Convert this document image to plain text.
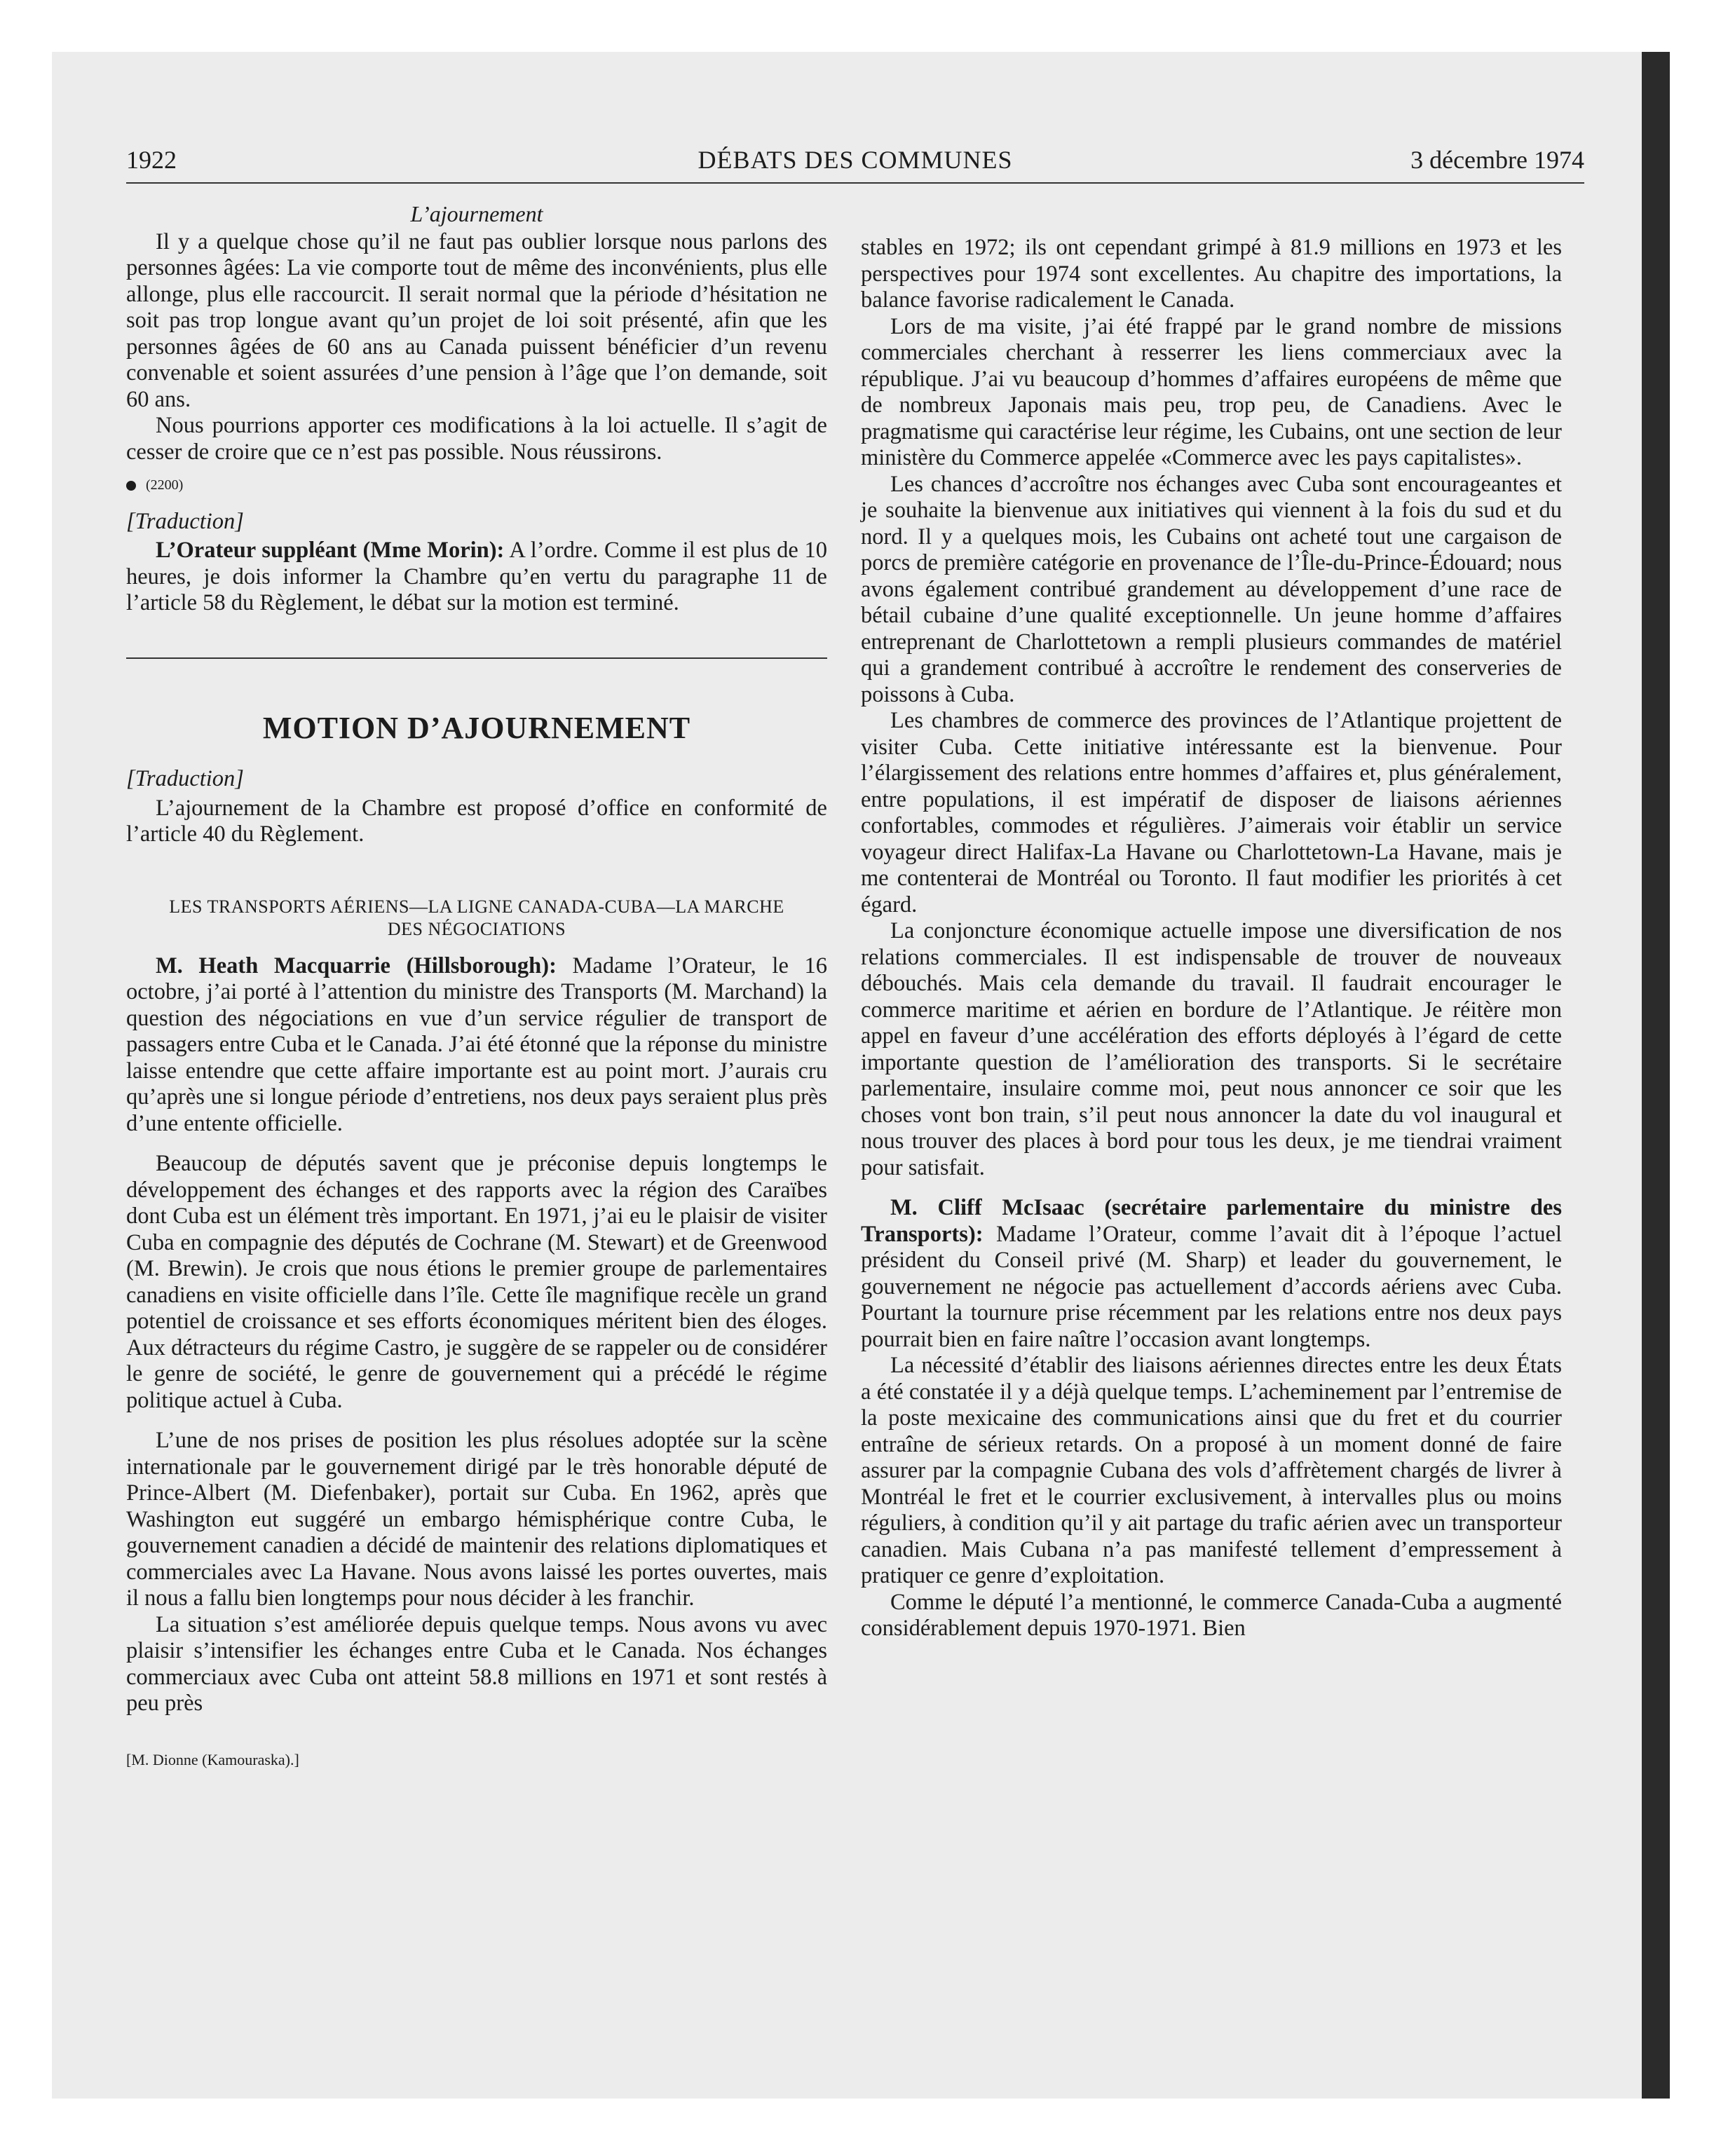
1922	DÉBATS DES COMMUNES	3 décembre 1974
L’ajournement

Il y a quelque chose qu’il ne faut pas oublier lorsque nous parlons des personnes âgées: La vie comporte tout de même des inconvénients, plus elle allonge, plus elle raccourcit. Il serait normal que la période d’hésitation ne soit pas trop longue avant qu’un projet de loi soit présenté, afin que les personnes âgées de 60 ans au Canada puissent bénéficier d’un revenu convenable et soient assurées d’une pension à l’âge que l’on demande, soit 60 ans.

Nous pourrions apporter ces modifications à la loi actuelle. Il s’agit de cesser de croire que ce n’est pas possible. Nous réussirons.

(2200)
[Traduction]

L’Orateur suppléant (Mme Morin): A l’ordre. Comme il est plus de 10 heures, je dois informer la Chambre qu’en vertu du paragraphe 11 de l’article 58 du Règlement, le débat sur la motion est terminé.

MOTION D’AJOURNEMENT
[Traduction]

L’ajournement de la Chambre est proposé d’office en conformité de l’article 40 du Règlement.

LES TRANSPORTS AÉRIENS—LA LIGNE CANADA-CUBA—LA MARCHE DES NÉGOCIATIONS

M. Heath Macquarrie (Hillsborough): Madame l’Orateur, le 16 octobre, j’ai porté à l’attention du ministre des Transports (M. Marchand) la question des négociations en vue d’un service régulier de transport de passagers entre Cuba et le Canada. J’ai été étonné que la réponse du ministre laisse entendre que cette affaire importante est au point mort. J’aurais cru qu’après une si longue période d’entretiens, nos deux pays seraient plus près d’une entente officielle.

Beaucoup de députés savent que je préconise depuis longtemps le développement des échanges et des rapports avec la région des Caraïbes dont Cuba est un élément très important. En 1971, j’ai eu le plaisir de visiter Cuba en compagnie des députés de Cochrane (M. Stewart) et de Greenwood (M. Brewin). Je crois que nous étions le premier groupe de parlementaires canadiens en visite officielle dans l’île. Cette île magnifique recèle un grand potentiel de croissance et ses efforts économiques méritent bien des éloges. Aux détracteurs du régime Castro, je suggère de se rappeler ou de considérer le genre de société, le genre de gouvernement qui a précédé le régime politique actuel à Cuba.

L’une de nos prises de position les plus résolues adoptée sur la scène internationale par le gouvernement dirigé par le très honorable député de Prince-Albert (M. Diefenbaker), portait sur Cuba. En 1962, après que Washington eut suggéré un embargo hémisphérique contre Cuba, le gouvernement canadien a décidé de maintenir des relations diplomatiques et commerciales avec La Havane. Nous avons laissé les portes ouvertes, mais il nous a fallu bien longtemps pour nous décider à les franchir.

La situation s’est améliorée depuis quelque temps. Nous avons vu avec plaisir s’intensifier les échanges entre Cuba et le Canada. Nos échanges commerciaux avec Cuba ont atteint 58.8 millions en 1971 et sont restés à peu près

[M. Dionne (Kamouraska).]

stables en 1972; ils ont cependant grimpé à 81.9 millions en 1973 et les perspectives pour 1974 sont excellentes. Au chapitre des importations, la balance favorise radicalement le Canada.

Lors de ma visite, j’ai été frappé par le grand nombre de missions commerciales cherchant à resserrer les liens commerciaux avec la république. J’ai vu beaucoup d’hommes d’affaires européens de même que de nombreux Japonais mais peu, trop peu, de Canadiens. Avec le pragmatisme qui caractérise leur régime, les Cubains, ont une section de leur ministère du Commerce appelée «Commerce avec les pays capitalistes».

Les chances d’accroître nos échanges avec Cuba sont encourageantes et je souhaite la bienvenue aux initiatives qui viennent à la fois du sud et du nord. Il y a quelques mois, les Cubains ont acheté tout une cargaison de porcs de première catégorie en provenance de l’Île-du-Prince-Édouard; nous avons également contribué grandement au développement d’une race de bétail cubaine d’une qualité exceptionnelle. Un jeune homme d’affaires entreprenant de Charlottetown a rempli plusieurs commandes de matériel qui a grandement contribué à accroître le rendement des conserveries de poissons à Cuba.

Les chambres de commerce des provinces de l’Atlantique projettent de visiter Cuba. Cette initiative intéressante est la bienvenue. Pour l’élargissement des relations entre hommes d’affaires et, plus généralement, entre populations, il est impératif de disposer de liaisons aériennes confortables, commodes et régulières. J’aimerais voir établir un service voyageur direct Halifax-La Havane ou Charlottetown-La Havane, mais je me contenterai de Montréal ou Toronto. Il faut modifier les priorités à cet égard.

La conjoncture économique actuelle impose une diversification de nos relations commerciales. Il est indispensable de trouver de nouveaux débouchés. Mais cela demande du travail. Il faudrait encourager le commerce maritime et aérien en bordure de l’Atlantique. Je réitère mon appel en faveur d’une accélération des efforts déployés à l’égard de cette importante question de l’amélioration des transports. Si le secrétaire parlementaire, insulaire comme moi, peut nous annoncer ce soir que les choses vont bon train, s’il peut nous annoncer la date du vol inaugural et nous trouver des places à bord pour tous les deux, je me tiendrai vraiment pour satisfait.

M. Cliff McIsaac (secrétaire parlementaire du ministre des Transports): Madame l’Orateur, comme l’avait dit à l’époque l’actuel président du Conseil privé (M. Sharp) et leader du gouvernement, le gouvernement ne négocie pas actuellement d’accords aériens avec Cuba. Pourtant la tournure prise récemment par les relations entre nos deux pays pourrait bien en faire naître l’occasion avant longtemps.

La nécessité d’établir des liaisons aériennes directes entre les deux États a été constatée il y a déjà quelque temps. L’acheminement par l’entremise de la poste mexicaine des communications ainsi que du fret et du courrier entraîne de sérieux retards. On a proposé à un moment donné de faire assurer par la compagnie Cubana des vols d’affrètement chargés de livrer à Montréal le fret et le courrier exclusivement, à intervalles plus ou moins réguliers, à condition qu’il y ait partage du trafic aérien avec un transporteur canadien. Mais Cubana n’a pas manifesté tellement d’empressement à pratiquer ce genre d’exploitation.

Comme le député l’a mentionné, le commerce Canada-Cuba a augmenté considérablement depuis 1970-1971. Bien
